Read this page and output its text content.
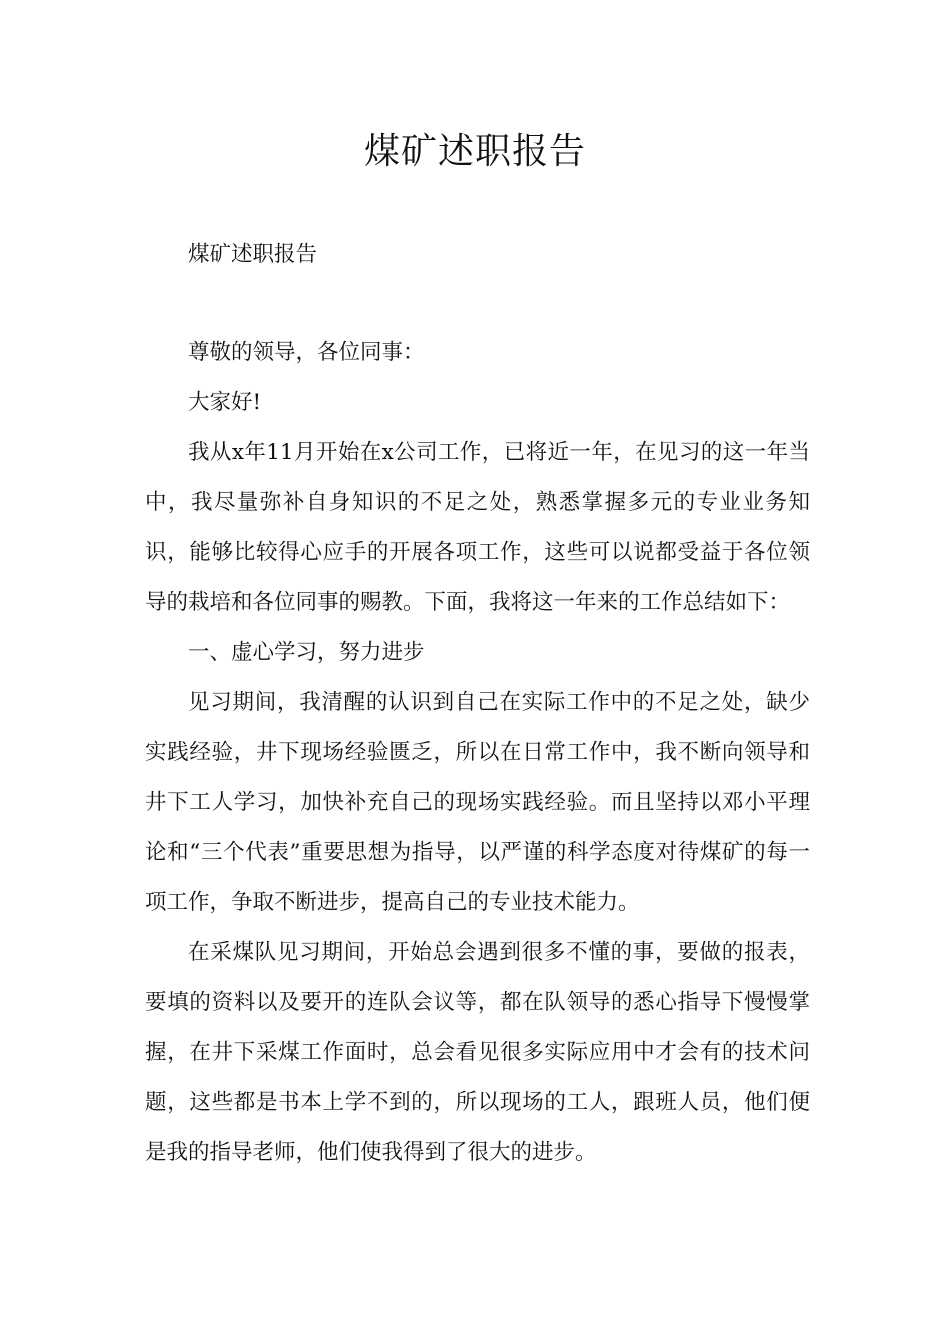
煤矿述职报告

煤矿述职报告

尊敬的领导，各位同事：

大家好!

我从x年11月开始在x公司工作，已将近一年，在见习的这一年当中，我尽量弥补自身知识的不足之处，熟悉掌握多元的专业业务知识，能够比较得心应手的开展各项工作，这些可以说都受益于各位领导的栽培和各位同事的赐教。下面，我将这一年来的工作总结如下：

一、虚心学习，努力进步

见习期间，我清醒的认识到自己在实际工作中的不足之处，缺少实践经验，井下现场经验匮乏，所以在日常工作中，我不断向领导和井下工人学习，加快补充自己的现场实践经验。而且坚持以邓小平理论和“三个代表”重要思想为指导，以严谨的科学态度对待煤矿的每一项工作，争取不断进步，提高自己的专业技术能力。

在采煤队见习期间，开始总会遇到很多不懂的事，要做的报表，要填的资料以及要开的连队会议等，都在队领导的悉心指导下慢慢掌握，在井下采煤工作面时，总会看见很多实际应用中才会有的技术问题，这些都是书本上学不到的，所以现场的工人，跟班人员，他们便是我的指导老师，他们使我得到了很大的进步。
